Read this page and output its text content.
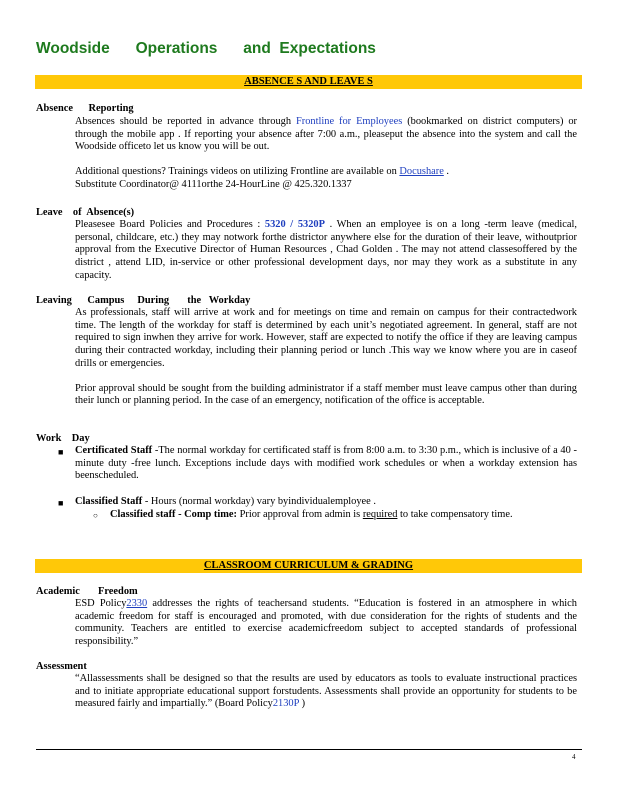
Woodside      Operations      and  Expectations
ABSENCE S AND LEAVE S
Absence      Reporting

Absences should be reported in advance through Frontline for Employees (bookmarked on district computers) or through the mobile app . If reporting your absence after 7:00 a.m., pleaseput the absence into the system and call the Woodside officeto let us know you will be out.

Additional questions? Trainings videos on utilizing Frontline are available on Docushare .
Substitute Coordinator@ 4111orthe 24-HourLine @ 425.320.1337

Leave    of  Absence(s)

Pleasesee Board Policies and Procedures : 5320 / 5320P . When an employee is on a long -term leave (medical, personal, childcare, etc.) they may notwork forthe districtor anywhere else for the duration of their leave, withoutprior approval from the Executive Director of Human Resources , Chad Golden . The may not attend classesoffered by the district , attend LID, in-service or other professional development days, nor may they work as a substitute in any capacity.

Leaving      Campus     During       the   Workday

As professionals, staff will arrive at work and for meetings on time and remain on campus for their contractedwork time. The length of the workday for staff is determined by each unit’s negotiated agreement. In general, staff are not required to sign inwhen they arrive for work. However, staff are expected to notify the office if they are leaving campus during their contracted workday, including their planning period or lunch .This way we know where you are in caseof drills or emergencies.

Prior approval should be sought from the building administrator if a staff member must leave campus other than during their lunch or planning period. In the case of an emergency, notification of the office is acceptable.

Work    Day
■ Certificated Staff -The normal workday for certificated staff is from 8:00 a.m. to 3:30 p.m., which is inclusive of a 40 -minute duty -free lunch. Exceptions include days with modified work schedules or when a workday extension has beenscheduled.

■ Classified Staff - Hours (normal workday) vary byindividualemployee .

○ Classified staff - Comp time: Prior approval from admin is required to take compensatory time.

CLASSROOM CURRICULUM & GRADING
Academic       Freedom

ESD Policy2330 addresses the rights of teachersand students. “Education is fostered in an atmosphere in which academic freedom for staff is encouraged and promoted, with due consideration for the rights of students and the community. Teachers are entitled to exercise academicfreedom subject to accepted standards of professional responsibility.”

Assessment

“Allassessments shall be designed so that the results are used by educators as tools to evaluate instructional practices and to initiate appropriate educational support forstudents. Assessments shall provide an opportunity for students to be measured fairly and impartially.” (Board Policy2130P )

4
